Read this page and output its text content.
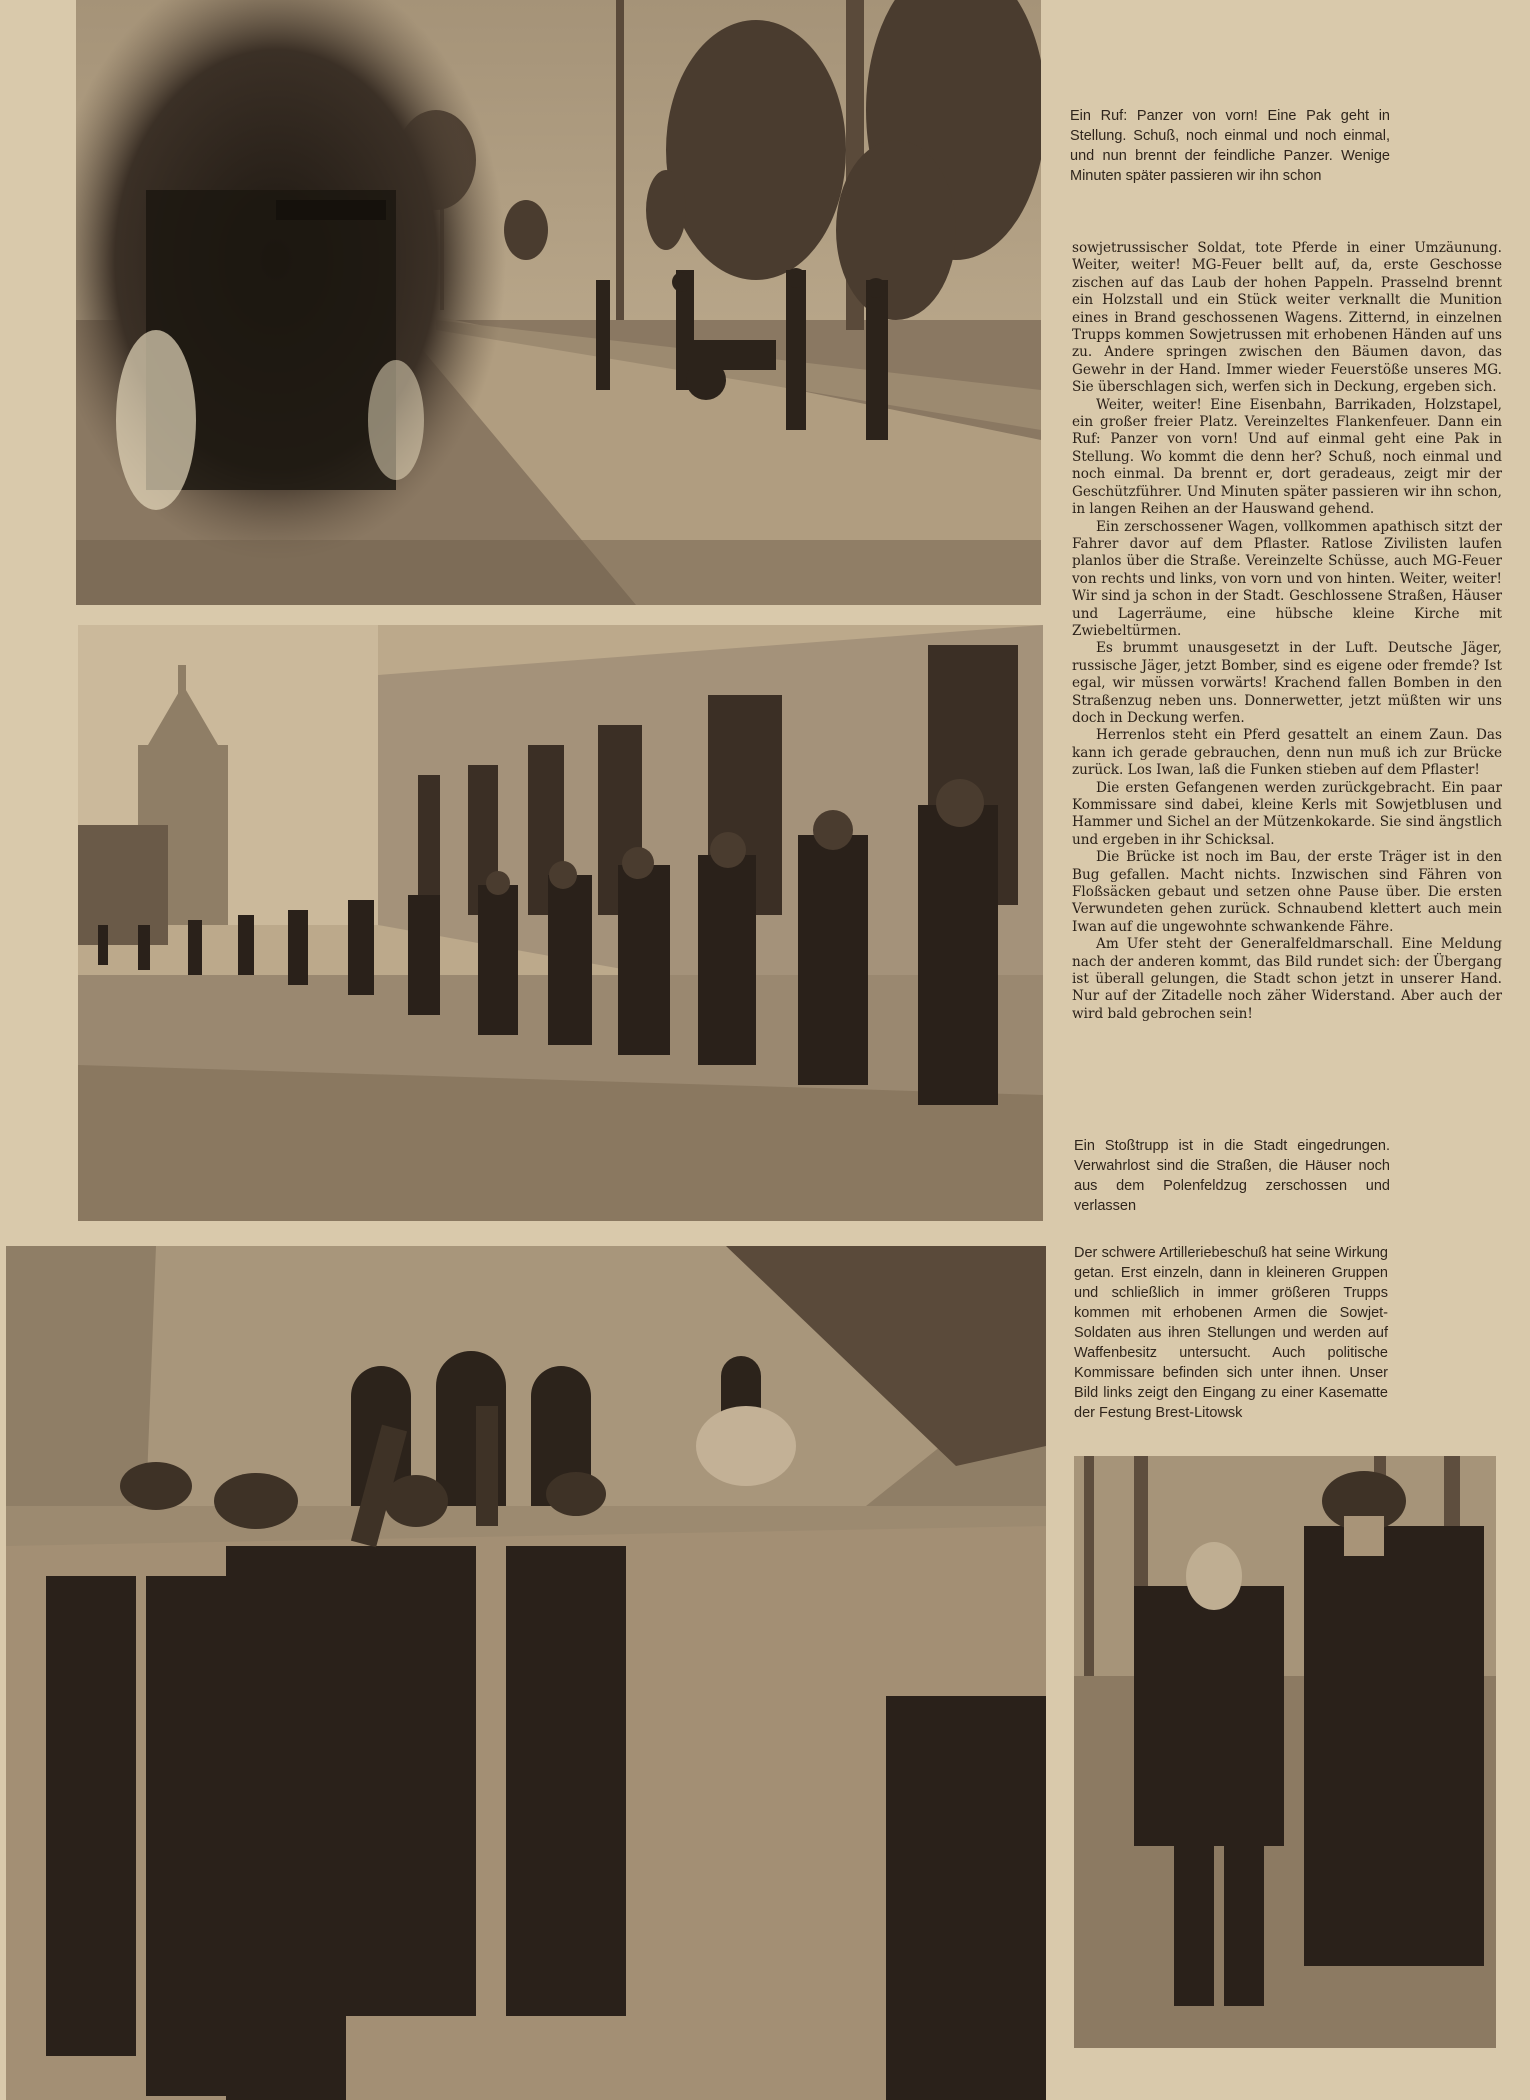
Ein Ruf: Panzer von vorn! Eine Pak geht in Stellung. Schuß, noch einmal und noch einmal, und nun brennt der feindliche Panzer. Wenige Minuten später passieren wir ihn schon

sowjetrussischer Soldat, tote Pferde in einer Umzäunung. Weiter, weiter! MG-Feuer bellt auf, da, erste Geschosse zischen auf das Laub der hohen Pappeln. Prasselnd brennt ein Holzstall und ein Stück weiter verknallt die Munition eines in Brand geschossenen Wagens. Zitternd, in einzelnen Trupps kommen Sowjetrussen mit erhobenen Händen auf uns zu. Andere springen zwischen den Bäumen davon, das Gewehr in der Hand. Immer wieder Feuerstöße unseres MG. Sie überschlagen sich, werfen sich in Deckung, ergeben sich.

Weiter, weiter! Eine Eisenbahn, Barrikaden, Holzstapel, ein großer freier Platz. Vereinzeltes Flankenfeuer. Dann ein Ruf: Panzer von vorn! Und auf einmal geht eine Pak in Stellung. Wo kommt die denn her? Schuß, noch einmal und noch einmal. Da brennt er, dort geradeaus, zeigt mir der Geschützführer. Und Minuten später passieren wir ihn schon, in langen Reihen an der Hauswand gehend.

Ein zerschossener Wagen, vollkommen apathisch sitzt der Fahrer davor auf dem Pflaster. Ratlose Zivilisten laufen planlos über die Straße. Vereinzelte Schüsse, auch MG-Feuer von rechts und links, von vorn und von hinten. Weiter, weiter! Wir sind ja schon in der Stadt. Geschlossene Straßen, Häuser und Lagerräume, eine hübsche kleine Kirche mit Zwiebeltürmen.

Es brummt unausgesetzt in der Luft. Deutsche Jäger, russische Jäger, jetzt Bomber, sind es eigene oder fremde? Ist egal, wir müssen vorwärts! Krachend fallen Bomben in den Straßenzug neben uns. Donnerwetter, jetzt müßten wir uns doch in Deckung werfen.

Herrenlos steht ein Pferd gesattelt an einem Zaun. Das kann ich gerade gebrauchen, denn nun muß ich zur Brücke zurück. Los Iwan, laß die Funken stieben auf dem Pflaster!

Die ersten Gefangenen werden zurückgebracht. Ein paar Kommissare sind dabei, kleine Kerls mit Sowjetblusen und Hammer und Sichel an der Mützenkokarde. Sie sind ängstlich und ergeben in ihr Schicksal.

Die Brücke ist noch im Bau, der erste Träger ist in den Bug gefallen. Macht nichts. Inzwischen sind Fähren von Floßsäcken gebaut und setzen ohne Pause über. Die ersten Verwundeten gehen zurück. Schnaubend klettert auch mein Iwan auf die ungewohnte schwankende Fähre.

Am Ufer steht der Generalfeldmarschall. Eine Meldung nach der anderen kommt, das Bild rundet sich: der Übergang ist überall gelungen, die Stadt schon jetzt in unserer Hand. Nur auf der Zitadelle noch zäher Widerstand. Aber auch der wird bald gebrochen sein!

Ein Stoßtrupp ist in die Stadt eingedrungen. Verwahrlost sind die Straßen, die Häuser noch aus dem Polenfeldzug zerschossen und verlassen

Der schwere Artilleriebeschuß hat seine Wirkung getan. Erst einzeln, dann in kleineren Gruppen und schließlich in immer größeren Trupps kommen mit erhobenen Armen die Sowjet-Soldaten aus ihren Stellungen und werden auf Waffenbesitz untersucht. Auch politische Kommissare befinden sich unter ihnen. Unser Bild links zeigt den Eingang zu einer Kasematte der Festung Brest-Litowsk
